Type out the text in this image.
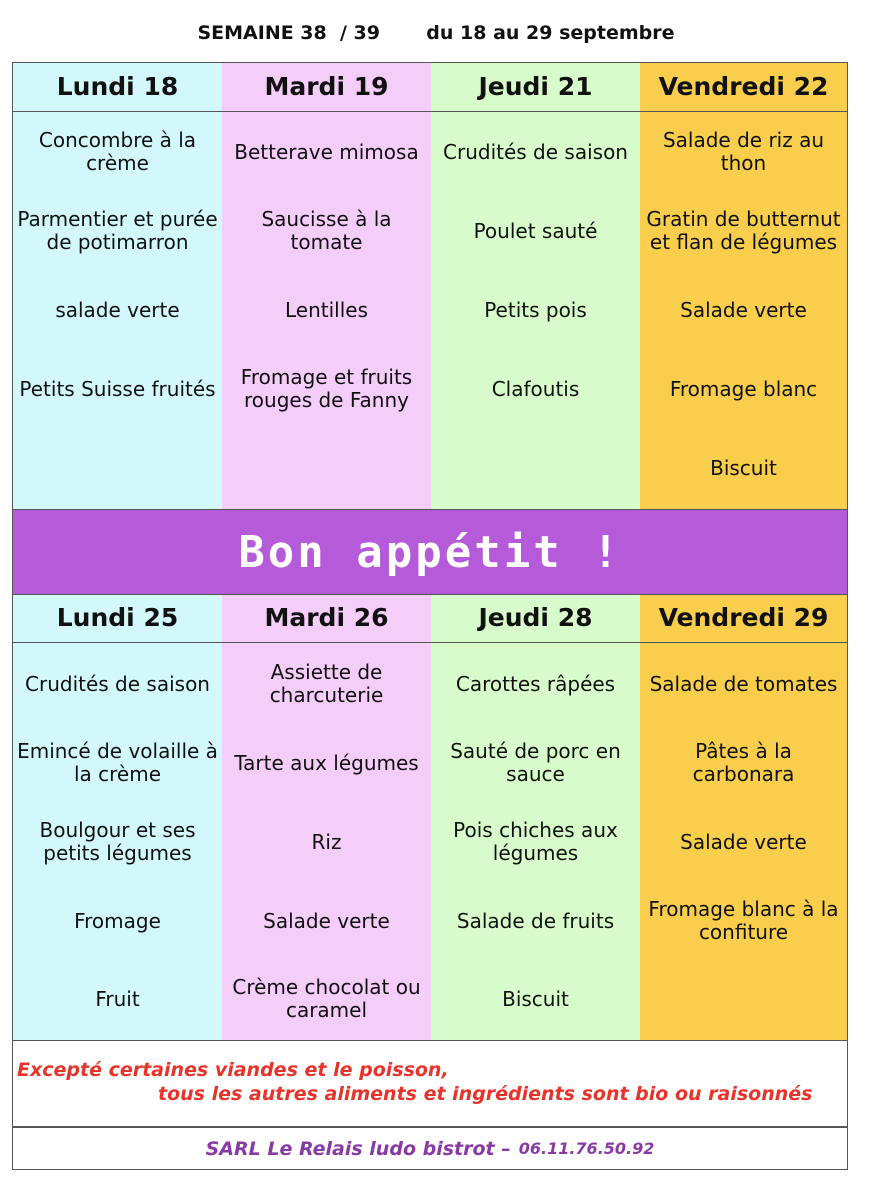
SEMAINE 38  / 39       du 18 au 29 septembre
Lundi 18
Concombre à la crème
Parmentier et purée de potimarron
salade verte
Petits Suisse fruités
Lundi 25
Crudités de saison
Emincé de volaille à la crème
Boulgour et ses petits légumes
Fromage
Fruit
Mardi 19
Betterave mimosa
Saucisse à la tomate
Lentilles
Fromage et fruits rouges de Fanny
Mardi 26
Assiette de charcuterie
Tarte aux légumes
Riz
Salade verte
Crème chocolat ou caramel
Jeudi 21
Crudités de saison
Poulet sauté
Petits pois
Clafoutis
Jeudi 28
Carottes râpées
Sauté de porc en sauce
Pois chiches aux légumes
Salade de fruits
Biscuit
Vendredi 22
Salade de riz au thon
Gratin de butternut et flan de légumes
Salade verte
Fromage blanc
Biscuit
Vendredi 29
Salade de tomates
Pâtes à la carbonara
Salade verte
Fromage blanc à la confiture
Bon appétit !
Excepté certaines viandes et le poisson,
tous les autres aliments et ingrédients sont bio ou raisonnés
SARL Le Relais ludo bistrot – 06.11.76.50.92
